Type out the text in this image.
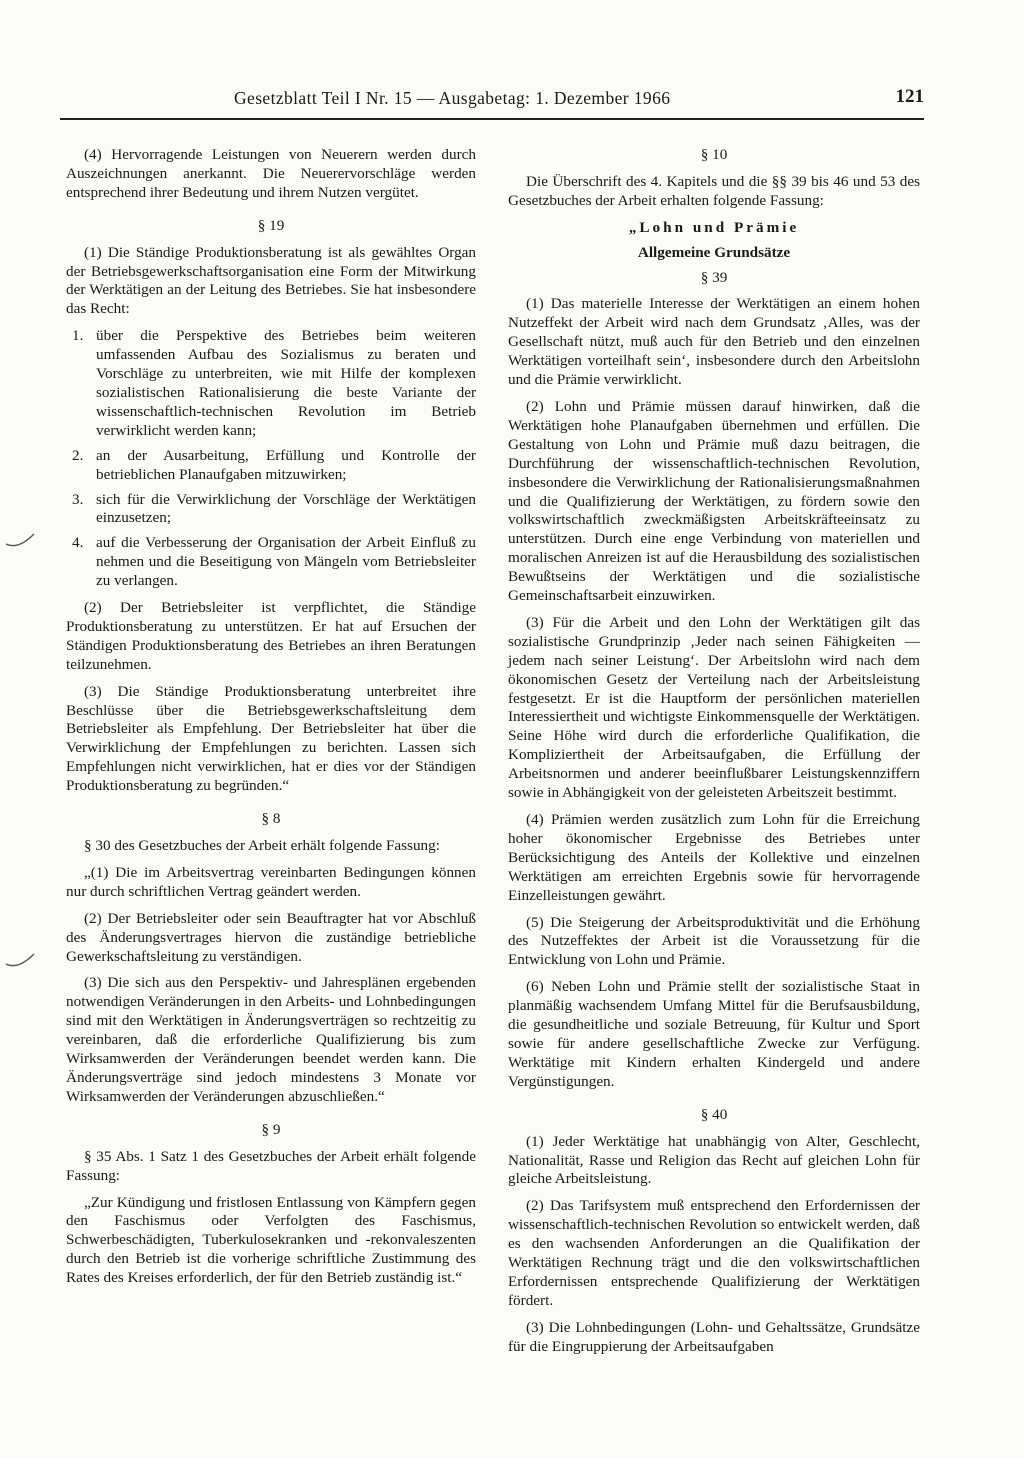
Gesetzblatt Teil I Nr. 15 — Ausgabetag: 1. Dezember 1966	121

(4) Hervorragende Leistungen von Neuerern werden durch Auszeichnungen anerkannt. Die Neuerervorschläge werden entsprechend ihrer Bedeutung und ihrem Nutzen vergütet.

§ 19

(1) Die Ständige Produktionsberatung ist als gewähltes Organ der Betriebsgewerkschaftsorganisation eine Form der Mitwirkung der Werktätigen an der Leitung des Betriebes. Sie hat insbesondere das Recht:

1. über die Perspektive des Betriebes beim weiteren umfassenden Aufbau des Sozialismus zu beraten und Vorschläge zu unterbreiten, wie mit Hilfe der komplexen sozialistischen Rationalisierung die beste Variante der wissenschaftlich-technischen Revolution im Betrieb verwirklicht werden kann;
2. an der Ausarbeitung, Erfüllung und Kontrolle der betrieblichen Planaufgaben mitzuwirken;
3. sich für die Verwirklichung der Vorschläge der Werktätigen einzusetzen;
4. auf die Verbesserung der Organisation der Arbeit Einfluß zu nehmen und die Beseitigung von Mängeln vom Betriebsleiter zu verlangen.

(2) Der Betriebsleiter ist verpflichtet, die Ständige Produktionsberatung zu unterstützen. Er hat auf Ersuchen der Ständigen Produktionsberatung des Betriebes an ihren Beratungen teilzunehmen.

(3) Die Ständige Produktionsberatung unterbreitet ihre Beschlüsse über die Betriebsgewerkschaftsleitung dem Betriebsleiter als Empfehlung. Der Betriebsleiter hat über die Verwirklichung der Empfehlungen zu berichten. Lassen sich Empfehlungen nicht verwirklichen, hat er dies vor der Ständigen Produktionsberatung zu begründen.“

§ 8

§ 30 des Gesetzbuches der Arbeit erhält folgende Fassung:

„(1) Die im Arbeitsvertrag vereinbarten Bedingungen können nur durch schriftlichen Vertrag geändert werden.

(2) Der Betriebsleiter oder sein Beauftragter hat vor Abschluß des Änderungsvertrages hiervon die zuständige betriebliche Gewerkschaftsleitung zu verständigen.

(3) Die sich aus den Perspektiv- und Jahresplänen ergebenden notwendigen Veränderungen in den Arbeits- und Lohnbedingungen sind mit den Werktätigen in Änderungsverträgen so rechtzeitig zu vereinbaren, daß die erforderliche Qualifizierung bis zum Wirksamwerden der Veränderungen beendet werden kann. Die Änderungsverträge sind jedoch mindestens 3 Monate vor Wirksamwerden der Veränderungen abzuschließen.“

§ 9

§ 35 Abs. 1 Satz 1 des Gesetzbuches der Arbeit erhält folgende Fassung:

„Zur Kündigung und fristlosen Entlassung von Kämpfern gegen den Faschismus oder Verfolgten des Faschismus, Schwerbeschädigten, Tuberkulosekranken und -rekonvaleszenten durch den Betrieb ist die vorherige schriftliche Zustimmung des Rates des Kreises erforderlich, der für den Betrieb zuständig ist.“

§ 10

Die Überschrift des 4. Kapitels und die §§ 39 bis 46 und 53 des Gesetzbuches der Arbeit erhalten folgende Fassung:

„Lohn und Prämie
Allgemeine Grundsätze
§ 39

(1) Das materielle Interesse der Werktätigen an einem hohen Nutzeffekt der Arbeit wird nach dem Grundsatz ‚Alles, was der Gesellschaft nützt, muß auch für den Betrieb und den einzelnen Werktätigen vorteilhaft sein‘, insbesondere durch den Arbeitslohn und die Prämie verwirklicht.

(2) Lohn und Prämie müssen darauf hinwirken, daß die Werktätigen hohe Planaufgaben übernehmen und erfüllen. Die Gestaltung von Lohn und Prämie muß dazu beitragen, die Durchführung der wissenschaftlich-technischen Revolution, insbesondere die Verwirklichung der Rationalisierungsmaßnahmen und die Qualifizierung der Werktätigen, zu fördern sowie den volkswirtschaftlich zweckmäßigsten Arbeitskräfteeinsatz zu unterstützen. Durch eine enge Verbindung von materiellen und moralischen Anreizen ist auf die Herausbildung des sozialistischen Bewußtseins der Werktätigen und die sozialistische Gemeinschaftsarbeit einzuwirken.

(3) Für die Arbeit und den Lohn der Werktätigen gilt das sozialistische Grundprinzip ‚Jeder nach seinen Fähigkeiten — jedem nach seiner Leistung‘. Der Arbeitslohn wird nach dem ökonomischen Gesetz der Verteilung nach der Arbeitsleistung festgesetzt. Er ist die Hauptform der persönlichen materiellen Interessiertheit und wichtigste Einkommensquelle der Werktätigen. Seine Höhe wird durch die erforderliche Qualifikation, die Kompliziertheit der Arbeitsaufgaben, die Erfüllung der Arbeitsnormen und anderer beeinflußbarer Leistungskennziffern sowie in Abhängigkeit von der geleisteten Arbeitszeit bestimmt.

(4) Prämien werden zusätzlich zum Lohn für die Erreichung hoher ökonomischer Ergebnisse des Betriebes unter Berücksichtigung des Anteils der Kollektive und einzelnen Werktätigen am erreichten Ergebnis sowie für hervorragende Einzelleistungen gewährt.

(5) Die Steigerung der Arbeitsproduktivität und die Erhöhung des Nutzeffektes der Arbeit ist die Voraussetzung für die Entwicklung von Lohn und Prämie.

(6) Neben Lohn und Prämie stellt der sozialistische Staat in planmäßig wachsendem Umfang Mittel für die Berufsausbildung, die gesundheitliche und soziale Betreuung, für Kultur und Sport sowie für andere gesellschaftliche Zwecke zur Verfügung. Werktätige mit Kindern erhalten Kindergeld und andere Vergünstigungen.

§ 40

(1) Jeder Werktätige hat unabhängig von Alter, Geschlecht, Nationalität, Rasse und Religion das Recht auf gleichen Lohn für gleiche Arbeitsleistung.

(2) Das Tarifsystem muß entsprechend den Erfordernissen der wissenschaftlich-technischen Revolution so entwickelt werden, daß es den wachsenden Anforderungen an die Qualifikation der Werktätigen Rechnung trägt und die den volkswirtschaftlichen Erfordernissen entsprechende Qualifizierung der Werktätigen fördert.

(3) Die Lohnbedingungen (Lohn- und Gehaltssätze, Grundsätze für die Eingruppierung der Arbeitsaufgaben
